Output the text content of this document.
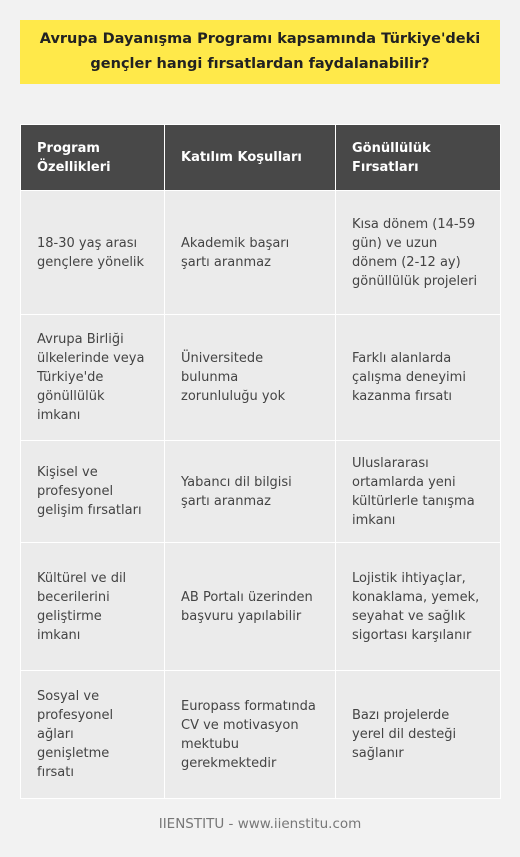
Avrupa Dayanışma Programı kapsamında Türkiye'deki gençler hangi fırsatlardan faydalanabilir?
Program Özellikleri	Katılım Koşulları	Gönüllülük Fırsatları
18-30 yaş arası gençlere yönelik	Akademik başarı şartı aranmaz	Kısa dönem (14-59 gün) ve uzun dönem (2-12 ay) gönüllülük projeleri
Avrupa Birliği ülkelerinde veya Türkiye'de gönüllülük imkanı	Üniversitede bulunma zorunluluğu yok	Farklı alanlarda çalışma deneyimi kazanma fırsatı
Kişisel ve profesyonel gelişim fırsatları	Yabancı dil bilgisi şartı aranmaz	Uluslararası ortamlarda yeni kültürlerle tanışma imkanı
Kültürel ve dil becerilerini geliştirme imkanı	AB Portalı üzerinden başvuru yapılabilir	Lojistik ihtiyaçlar, konaklama, yemek, seyahat ve sağlık sigortası karşılanır
Sosyal ve profesyonel ağları genişletme fırsatı	Europass formatında CV ve motivasyon mektubu gerekmektedir	Bazı projelerde yerel dil desteği sağlanır
IIENSTITU - www.iienstitu.com
